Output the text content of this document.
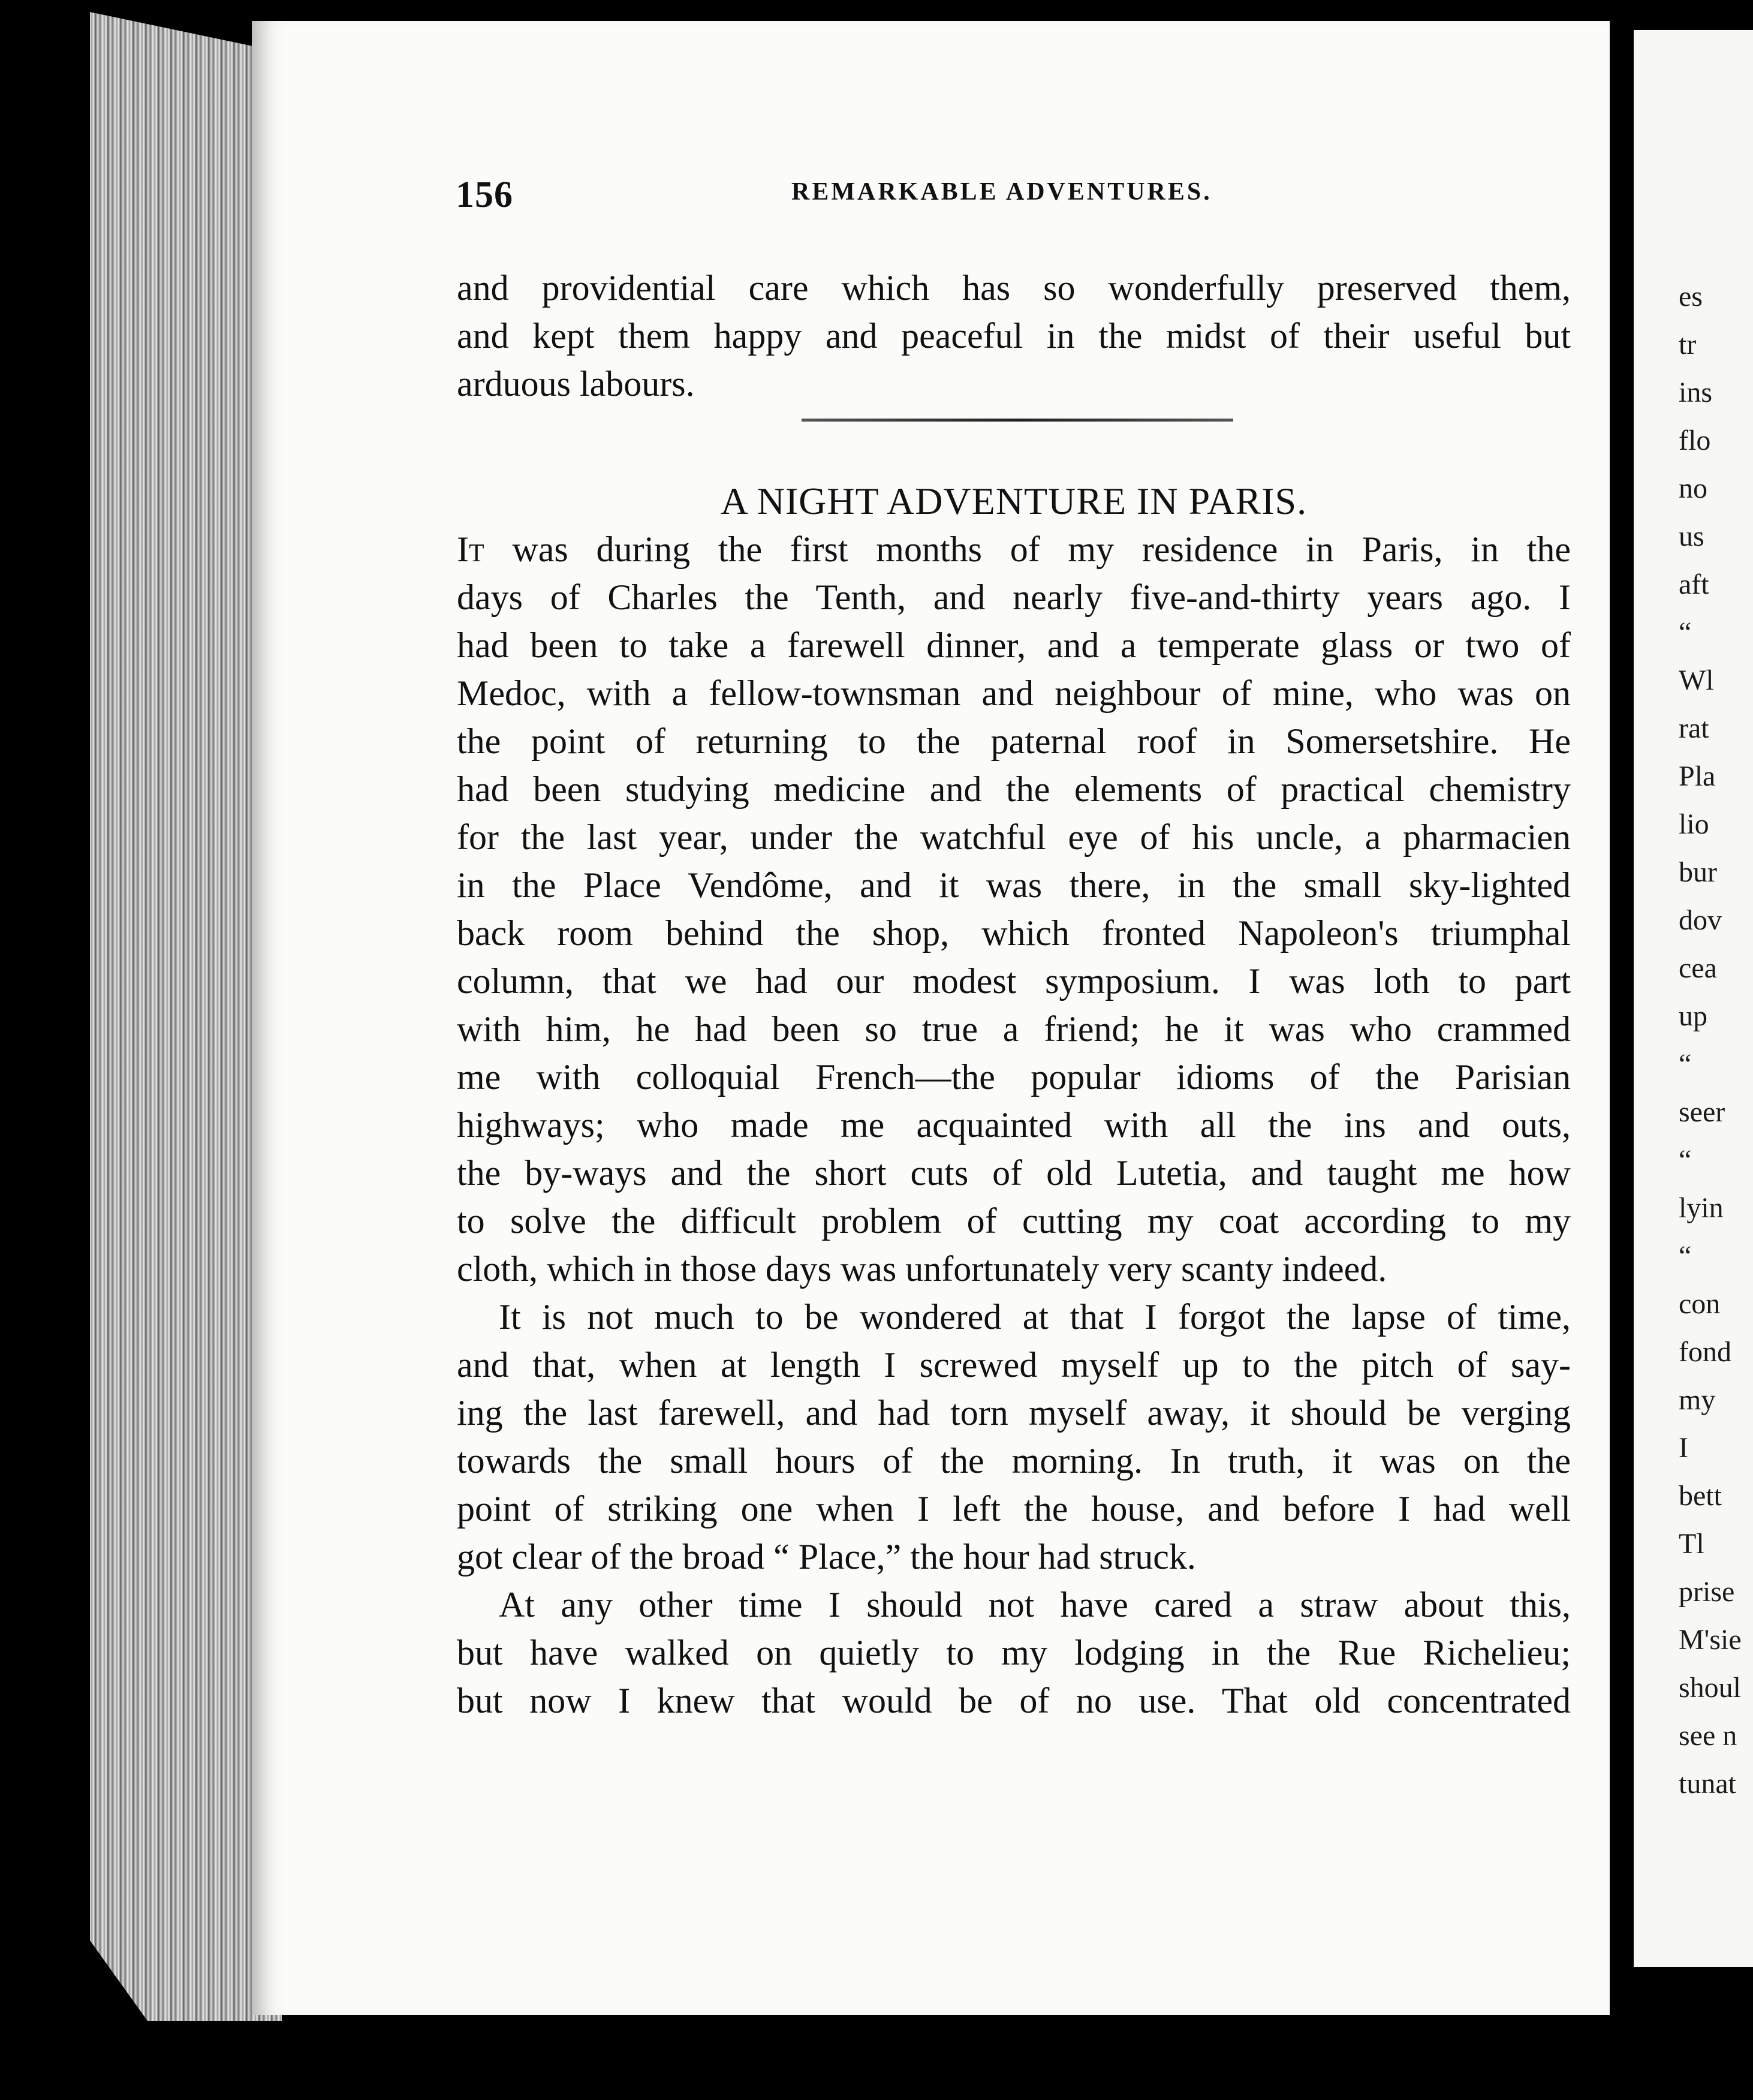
156	REMARKABLE ADVENTURES.
and providential care which has so wonderfully preserved them,
and kept them happy and peaceful in the midst of their useful but
arduous labours.
A NIGHT ADVENTURE IN PARIS.
It was during the first months of my residence in Paris, in the
days of Charles the Tenth, and nearly five-and-thirty years ago. I
had been to take a farewell dinner, and a temperate glass or two of
Medoc, with a fellow-townsman and neighbour of mine, who was on
the point of returning to the paternal roof in Somersetshire. He
had been studying medicine and the elements of practical chemistry
for the last year, under the watchful eye of his uncle, a pharmacien
in the Place Vendôme, and it was there, in the small sky-lighted
back room behind the shop, which fronted Napoleon's triumphal
column, that we had our modest symposium. I was loth to part
with him, he had been so true a friend; he it was who crammed
me with colloquial French—the popular idioms of the Parisian
highways; who made me acquainted with all the ins and outs,
the by-ways and the short cuts of old Lutetia, and taught me how
to solve the difficult problem of cutting my coat according to my
cloth, which in those days was unfortunately very scanty indeed.
It is not much to be wondered at that I forgot the lapse of time,
and that, when at length I screwed myself up to the pitch of say-
ing the last farewell, and had torn myself away, it should be verging
towards the small hours of the morning. In truth, it was on the
point of striking one when I left the house, and before I had well
got clear of the broad “ Place,” the hour had struck.
At any other time I should not have cared a straw about this,
but have walked on quietly to my lodging in the Rue Richelieu;
but now I knew that would be of no use. That old concentrated
es
tr
ins
flo
no
us
aft
“
Wl
rat
Pla
lio
bur
dov
cea
up
“
seer
“
lyin
“
con
fond
my
I
bett
Tl
prise
M'sie
shoul
see n
tunat
